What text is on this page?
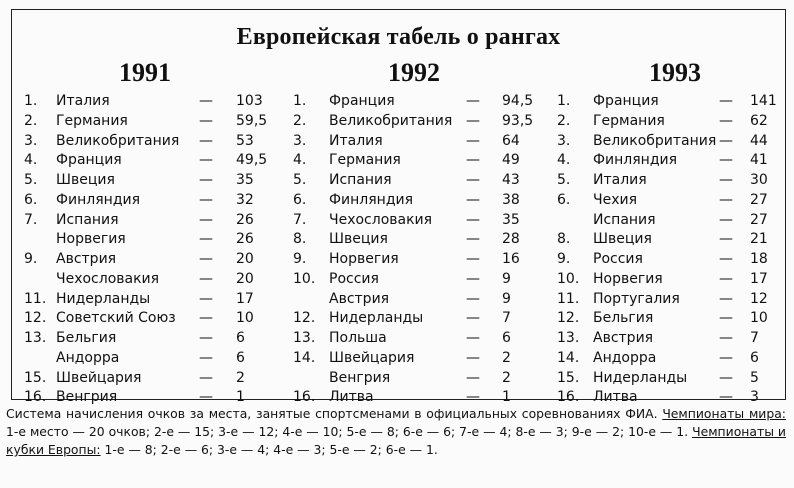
Европейская табель о рангах
1991
1. Италия	— 103
2. Германия	— 59,5
3. Великобритания — 53
4. Франция	— 49,5
5. Швеция	— 35
6. Финляндия	— 32
7. Испания	— 26
Норвегия	— 26
9. Австрия	— 20
Чехословакия	— 20
11. Нидерланды	— 17
12. Советский Союз — 10
13. Бельгия	— 6
Андорра	— 6
15. Швейцария	— 2
16. Венгрия	— 1
1992
1. Франция	— 94,5
2. Великобритания — 93,5
3. Италия	— 64
4. Германия	— 49
5. Испания	— 43
6. Финляндия	— 38
7. Чехословакия — 35
8. Швеция	— 28
9. Норвегия	— 16
10. Россия	— 9
Австрия	— 9
12. Нидерланды	— 7
13. Польша	— 6
14. Швейцария	— 2
Венгрия	— 2
16. Литва	— 1
1993
1. Франция	— 141
2. Германия	— 62
3. Великобритания — 44
4. Финляндия	— 41
5. Италия	— 30
6. Чехия	— 27
Испания	— 27
8. Швеция	— 21
9. Россия	— 18
10. Норвегия	— 17
11. Португалия	— 12
12. Бельгия	— 10
13. Австрия	— 7
14. Андорра	— 6
15. Нидерланды — 5
16. Литва	— 3
Система начисления очков за места, занятые спортсменами в официальных соревнованиях ФИА. Чемпионаты мира: 1-е место — 20 очков; 2-е — 15; 3-е — 12; 4-е — 10; 5-е — 8; 6-е — 6; 7-е — 4; 8-е — 3; 9-е — 2; 10-е — 1. Чемпионаты и кубки Европы: 1-е — 8; 2-е — 6; 3-е — 4; 4-е — 3; 5-е — 2; 6-е — 1.
